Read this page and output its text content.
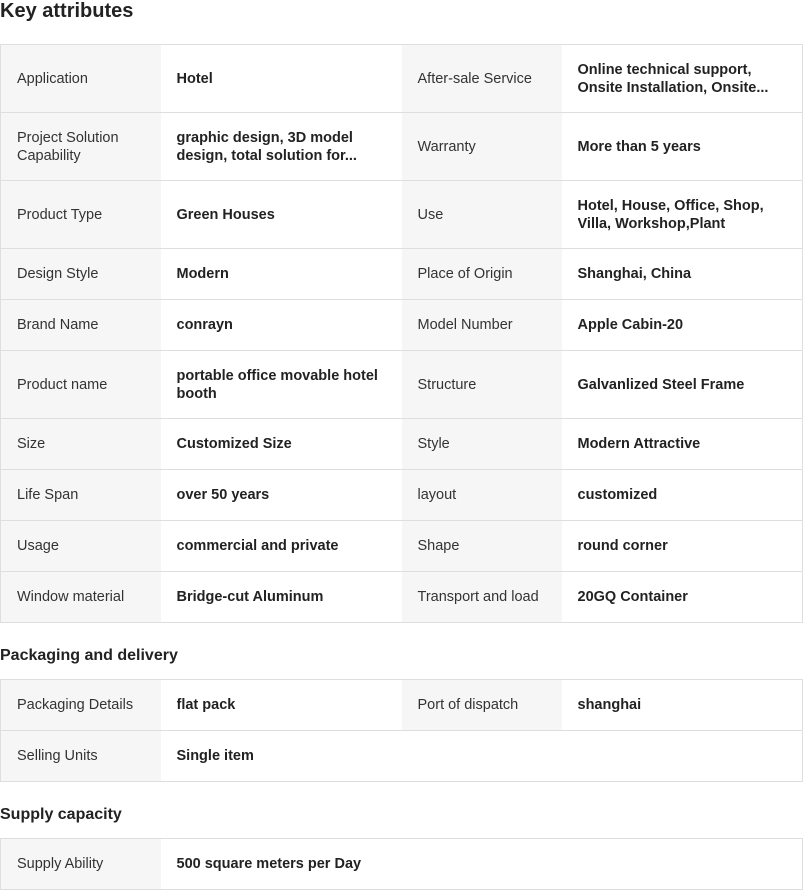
Key attributes
Application	Hotel	After-sale Service	Online technical support, Onsite Installation, Onsite...

Project Solution Capability	graphic design, 3D model design, total solution for...	Warranty	More than 5 years

Product Type	Green Houses	Use	Hotel, House, Office, Shop, Villa, Workshop,Plant

Design Style	Modern	Place of Origin	Shanghai, China

Brand Name	conrayn	Model Number	Apple Cabin-20

Product name	portable office movable hotel booth	Structure	Galvanlized Steel Frame

Size	Customized Size	Style	Modern Attractive

Life Span	over 50 years	layout	customized

Usage	commercial and private	Shape	round corner

Window material	Bridge-cut Aluminum	Transport and load	20GQ Container
Packaging and delivery
Packaging Details	flat pack	Port of dispatch	shanghai

Selling Units	Single item		
Supply capacity
Supply Ability	500 square meters per Day
